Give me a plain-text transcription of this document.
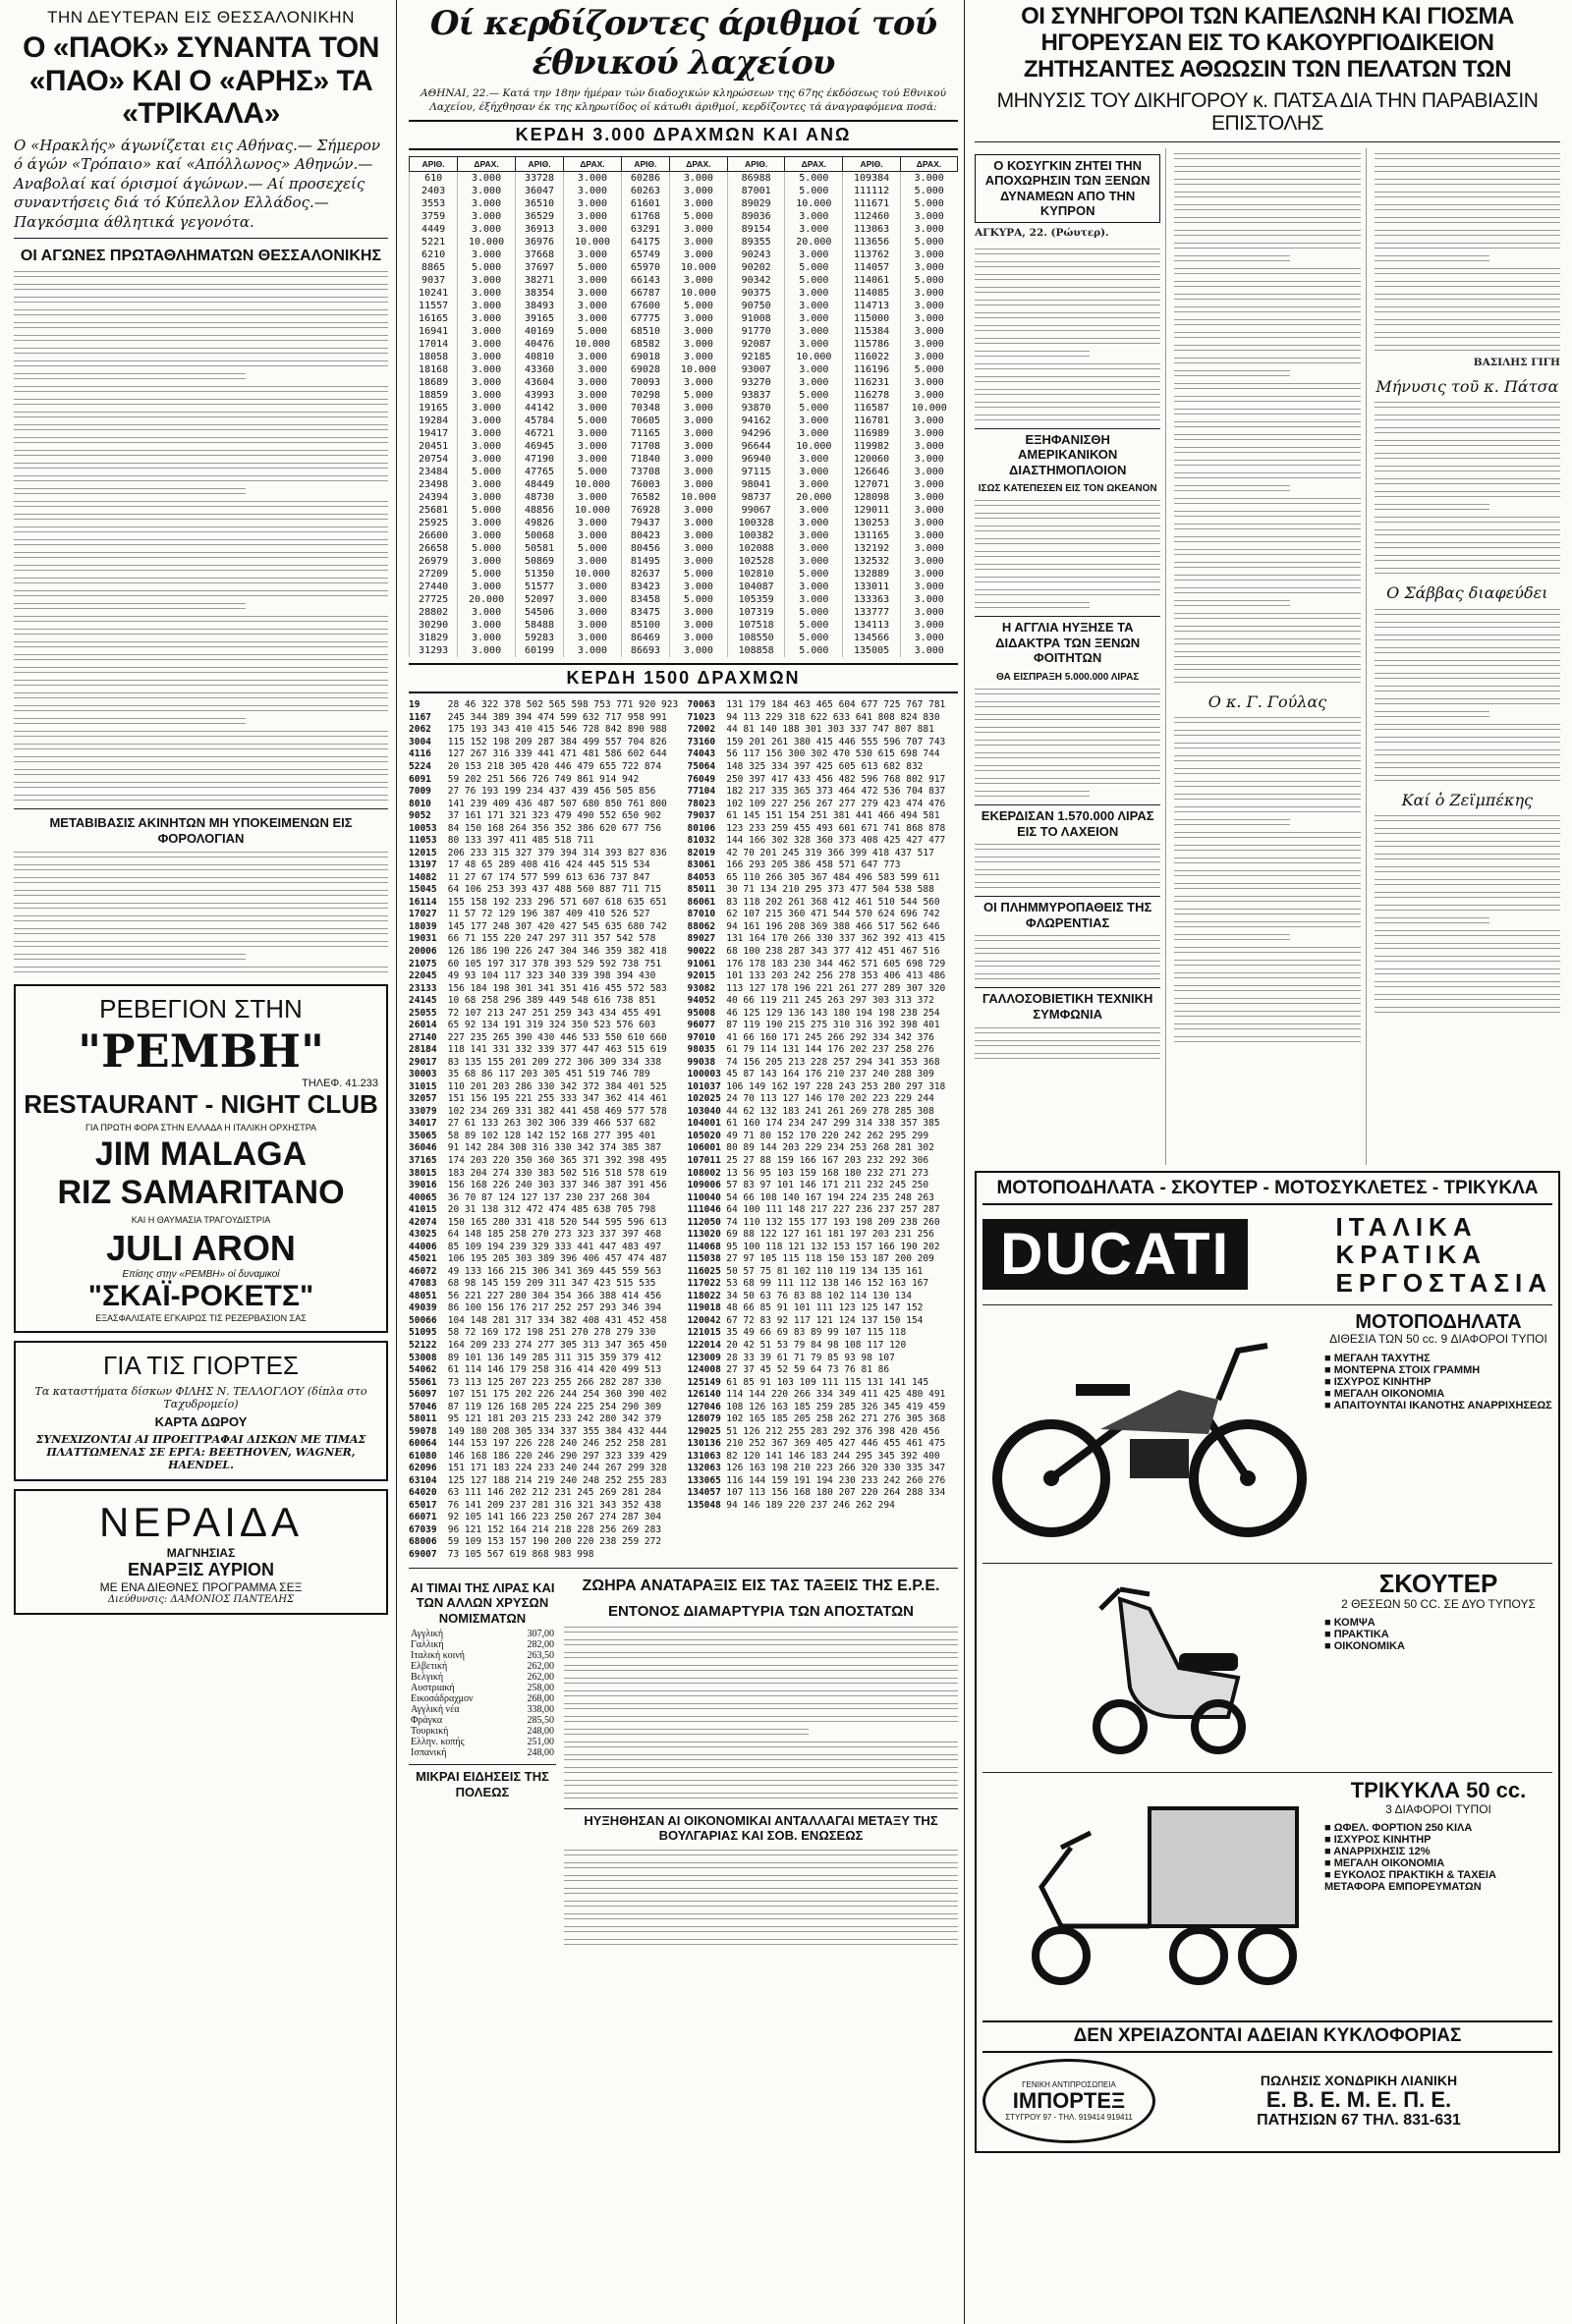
ΤΗΝ ΔΕΥΤΕΡΑΝ ΕΙΣ ΘΕΣΣΑΛΟΝΙΚΗΝ
Ο «ΠΑΟΚ» ΣΥΝΑΝΤΑ ΤΟΝ «ΠΑΟ» ΚΑΙ Ο «ΑΡΗΣ» ΤΑ «ΤΡΙΚΑΛΑ»
Ο «Ηρακλής» άγωνίζεται εις Αθήνας.— Σήμερον ό άγών «Τρόπαιο» καί «Απόλλωνος» Αθηνών.— Αναβολαί καί όρισμοί άγώνων.— Αί προσεχείς συναντήσεις διά τό Κύπελλον Ελλάδος.— Παγκόσμια άθλητικά γεγονότα.
ΟΙ ΑΓΩΝΕΣ ΠΡΩΤΑΘΛΗΜΑΤΩΝ ΘΕΣΣΑΛΟΝΙΚΗΣ
ΜΕΤΑΒΙΒΑΣΙΣ ΑΚΙΝΗΤΩΝ ΜΗ ΥΠΟΚΕΙΜΕΝΩΝ ΕΙΣ ΦΟΡΟΛΟΓΙΑΝ
ΡΕΒΕΓΙΟΝ ΣΤΗΝ
"ΡΕΜΒΗ"
ΤΗΛΕΦ. 41.233
RESTAURANT - NIGHT CLUB
ΓΙΑ ΠΡΩΤΗ ΦΟΡΑ ΣΤΗΝ ΕΛΛΑΔΑ Η ΙΤΑΛΙΚΗ ΟΡΧΗΣΤΡΑ
JIM MALAGA
RIZ SAMARITANO
ΚΑΙ Η ΘΑΥΜΑΣΙΑ ΤΡΑΓΟΥΔΙΣΤΡΙΑ
JULI ARON
Επίσης στην «ΡΕΜΒΗ» οί δυναμικοί
"ΣΚΑΪ-ΡΟΚΕΤΣ"
ΕΞΑΣΦΑΛΙΣΑΤΕ ΕΓΚΑΙΡΩΣ ΤΙΣ ΡΕΖΕΡΒΑΣΙΟΝ ΣΑΣ
ΓΙΑ ΤΙΣ ΓΙΟΡΤΕΣ
Τα καταστήματα δίσκων ΦΙΛΗΣ Ν. ΤΕΛΛΟΓΛΟΥ (δίπλα στο Ταχυδρομείο)
ΚΑΡΤΑ ΔΩΡΟΥ
ΣΥΝΕΧΙΖΟΝΤΑΙ ΑΙ ΠΡΟΕΓΓΡΑΦΑΙ ΔΙΣΚΩΝ ΜΕ ΤΙΜΑΣ ΠΛΑΤΤΩΜΕΝΑΣ ΣΕ ΕΡΓΑ: BEETHOVEN, WAGNER, HAENDEL.
ΝΕΡΑΙΔΑ
ΜΑΓΝΗΣΙΑΣ
ΕΝΑΡΞΙΣ ΑΥΡΙΟΝ
ΜΕ ΕΝΑ ΔΙΕΘΝΕΣ ΠΡΟΓΡΑΜΜΑ ΣΕΞ
Διεύθυνσις: ΔΑΜΟΝΙΟΣ ΠΑΝΤΕΛΗΣ
Οί κερδίζοντες άριθμοί τού έθνικού λαχείου
ΑΘΗΝΑΙ, 22.— Κατά την 18ην ήμέραν τών διαδοχικών κληρώσεων της 67ης έκδόσεως τού Εθνικού Λαχείου, έξήχθησαν έκ της κληρωτίδος οί κάτωθι άριθμοί, κερδίζοντες τά άναγραφόμενα ποσά:
ΚΕΡΔΗ 3.000 ΔΡΑΧΜΩΝ ΚΑΙ ΑΝΩ
ΑΡΙΘ.	ΔΡΑΧ.	ΑΡΙΘ.	ΔΡΑΧ.	ΑΡΙΘ.	ΔΡΑΧ.	ΑΡΙΘ.	ΔΡΑΧ.	ΑΡΙΘ.	ΔΡΑΧ.
610	3.000	33728	3.000	60286	3.000	86988	5.000	109384	3.000
2403	3.000	36047	3.000	60263	3.000	87001	5.000	111112	5.000
3553	3.000	36510	3.000	61601	3.000	89029	10.000	111671	5.000
3759	3.000	36529	3.000	61768	5.000	89036	3.000	112460	3.000
4449	3.000	36913	3.000	63291	3.000	89154	3.000	113063	3.000
5221	10.000	36976	10.000	64175	3.000	89355	20.000	113656	5.000
6210	3.000	37668	3.000	65749	3.000	90243	3.000	113762	3.000
8865	5.000	37697	5.000	65970	10.000	90202	5.000	114057	3.000
9037	3.000	38271	3.000	66143	3.000	90342	5.000	114061	5.000
10241	3.000	38354	3.000	66787	10.000	90375	3.000	114085	3.000
11557	3.000	38493	3.000	67600	5.000	90750	3.000	114713	3.000
16165	3.000	39165	3.000	67775	3.000	91008	3.000	115000	3.000
16941	3.000	40169	5.000	68510	3.000	91770	3.000	115384	3.000
17014	3.000	40476	10.000	68582	3.000	92087	3.000	115786	3.000
18058	3.000	40810	3.000	69018	3.000	92185	10.000	116022	3.000
18168	3.000	43360	3.000	69028	10.000	93007	3.000	116196	5.000
18689	3.000	43604	3.000	70093	3.000	93270	3.000	116231	3.000
18859	3.000	43993	3.000	70298	5.000	93837	5.000	116278	3.000
19165	3.000	44142	3.000	70348	3.000	93870	5.000	116587	10.000
19284	3.000	45784	5.000	70605	3.000	94162	3.000	116781	3.000
19417	3.000	46721	3.000	71165	3.000	94296	3.000	116989	3.000
20451	3.000	46945	3.000	71708	3.000	96644	10.000	119982	3.000
20754	3.000	47190	3.000	71840	3.000	96940	3.000	120060	3.000
23484	5.000	47765	5.000	73708	3.000	97115	3.000	126646	3.000
23498	3.000	48449	10.000	76003	3.000	98041	3.000	127071	3.000
24394	3.000	48730	3.000	76582	10.000	98737	20.000	128098	3.000
25681	5.000	48856	10.000	76928	3.000	99067	3.000	129011	3.000
25925	3.000	49826	3.000	79437	3.000	100328	3.000	130253	3.000
26600	3.000	50068	3.000	80423	3.000	100382	3.000	131165	3.000
26658	5.000	50581	5.000	80456	3.000	102088	3.000	132192	3.000
26979	3.000	50869	3.000	81495	3.000	102528	3.000	132532	3.000
27209	5.000	51350	10.000	82637	5.000	102810	5.000	132889	3.000
27440	3.000	51577	3.000	83423	3.000	104087	3.000	133011	3.000
27725	20.000	52097	3.000	83458	5.000	105359	3.000	133363	3.000
28802	3.000	54506	3.000	83475	3.000	107319	5.000	133777	3.000
30290	3.000	58488	3.000	85100	3.000	107518	5.000	134113	3.000
31829	3.000	59283	3.000	86469	3.000	108550	5.000	134566	3.000
31293	3.000	60199	3.000	86693	3.000	108858	5.000	135005	3.000
ΚΕΡΔΗ 1500 ΔΡΑΧΜΩΝ
19 28 46 322 378 502 565 598 753 771 920 923
1167 245 344 389 394 474 599 632 717 958 991
2062 175 193 343 410 415 546 728 842 890 988
3004 115 152 198 209 287 384 499 557 704 826
4116 127 267 316 339 441 471 481 586 602 644
5224 20 153 218 305 420 446 479 655 722 874
6091 59 202 251 566 726 749 861 914 942
7009 27 76 193 199 234 437 439 456 505 856
8010 141 239 409 436 487 507 680 850 761 800
9052 37 161 171 321 323 479 490 552 650 902
10053 84 150 168 264 356 352 386 620 677 756
11053 80 133 397 411 485 518 711
12015 206 233 315 327 379 394 314 393 827 836
13197 17 48 65 289 408 416 424 445 515 534
14082 11 27 67 174 577 599 613 636 737 847
15045 64 106 253 393 437 488 560 887 711 715
16114 155 158 192 233 296 571 607 618 635 651
17027 11 57 72 129 196 387 409 410 526 527
18039 145 177 248 307 420 427 545 635 680 742
19031 66 71 155 220 247 297 311 357 542 578
20006 126 186 190 226 247 304 346 359 382 418
21075 60 105 197 317 378 393 529 592 738 751
22045 49 93 104 117 323 340 339 398 394 430
23133 156 184 198 301 341 351 416 455 572 583
24145 10 68 258 296 389 449 548 616 738 851
25055 72 107 213 247 251 259 343 434 455 491
26014 65 92 134 191 319 324 350 523 576 603
27140 227 235 265 390 430 446 533 550 610 660
28184 118 141 331 332 339 377 447 463 515 619
29017 83 135 155 201 209 272 306 309 334 338
30003 35 68 86 117 203 305 451 519 746 789
31015 110 201 203 286 330 342 372 384 401 525
32057 151 156 195 221 255 333 347 362 414 461
33079 102 234 269 331 382 441 458 469 577 578
34017 27 61 133 263 302 306 339 466 537 682
35065 58 89 102 128 142 152 168 277 395 401
36046 91 142 284 308 316 330 342 374 385 387
37165 174 203 220 350 360 365 371 392 398 495
38015 183 204 274 330 383 502 516 518 578 619
39016 156 168 226 240 303 337 346 387 391 456
40065 36 70 87 124 127 137 230 237 268 304
41015 20 31 138 312 472 474 485 638 705 798
42074 150 165 280 331 418 520 544 595 596 613
43025 64 148 185 258 270 273 323 337 397 468
44006 85 109 194 239 329 333 441 447 483 497
45021 106 195 205 303 389 396 406 457 474 487
46072 49 133 166 215 306 341 369 445 559 563
47083 68 98 145 159 209 311 347 423 515 535
48051 56 221 227 280 304 354 366 388 414 456
49039 86 100 156 176 217 252 257 293 346 394
50066 104 148 281 317 334 382 408 431 452 458
51095 58 72 169 172 198 251 270 278 279 330
52122 164 209 233 274 277 305 313 347 365 450
53008 89 101 136 149 285 311 315 359 379 412
54062 61 114 146 179 258 316 414 420 499 513
55061 73 113 125 207 223 255 266 282 287 330
56097 107 151 175 202 226 244 254 360 390 402
57046 87 119 126 168 205 224 225 254 290 309
58011 95 121 181 203 215 233 242 280 342 379
59078 149 180 208 305 334 337 355 384 432 444
60064 144 153 197 226 228 240 246 252 258 281
61080 146 168 186 220 246 290 297 323 339 429
62096 151 171 183 224 233 240 244 267 299 328
63104 125 127 188 214 219 240 248 252 255 283
64020 63 111 146 202 212 231 245 269 281 284
65017 76 141 209 237 281 316 321 343 352 438
66071 92 105 141 166 223 250 267 274 287 304
67039 96 121 152 164 214 218 228 256 269 283
68006 59 109 153 157 190 200 220 238 259 272
69007 73 105 567 619 868 983 998
70063 131 179 184 463 465 604 677 725 767 781
71023 94 113 229 318 622 633 641 808 824 830
72002 44 81 140 188 301 303 337 747 807 881
73160 159 201 261 380 415 446 555 596 707 743
74043 56 117 156 300 302 470 530 615 698 744
75064 148 325 334 397 425 605 613 682 832
76049 250 397 417 433 456 482 596 768 802 917
77104 182 217 335 365 373 464 472 536 704 837
78023 102 109 227 256 267 277 279 423 474 476
79037 61 145 151 154 251 381 441 466 494 581
80106 123 233 259 455 493 601 671 741 868 878
81032 144 166 302 328 360 373 408 425 427 477
82019 42 70 201 245 319 366 399 418 437 517
83061 166 293 205 386 458 571 647 773
84053 65 110 266 305 367 484 496 583 599 611
85011 30 71 134 210 295 373 477 504 538 588
86061 83 118 202 261 368 412 461 510 544 560
87010 62 107 215 360 471 544 570 624 696 742
88062 94 161 196 208 369 388 466 517 562 646
89027 131 164 170 266 330 337 362 392 413 415
90022 68 100 238 287 343 377 412 451 467 516
91061 176 178 183 230 344 462 571 605 698 729
92015 101 133 203 242 256 278 353 406 413 486
93082 113 127 178 196 221 261 277 289 307 320
94052 40 66 119 211 245 263 297 303 313 372
95008 46 125 129 136 143 180 194 198 238 254
96077 87 119 190 215 275 310 316 392 398 401
97010 41 66 160 171 245 266 292 334 342 376
98035 61 79 114 131 144 176 202 237 258 276
99038 74 156 205 213 228 257 294 341 353 368
100003 45 87 143 164 176 210 237 240 288 309
101037 106 149 162 197 228 243 253 280 297 318
102025 24 70 113 127 146 170 202 223 229 244
103040 44 62 132 183 241 261 269 278 285 308
104001 61 160 174 234 247 299 314 338 357 385
105020 49 71 80 152 170 220 242 262 295 299
106001 80 89 144 203 229 234 253 268 281 302
107011 25 27 88 159 166 167 203 232 292 306
108002 13 56 95 103 159 168 180 232 271 273
109006 57 83 97 101 146 171 211 232 245 250
110040 54 66 108 140 167 194 224 235 248 263
111046 64 100 111 148 217 227 236 237 257 287
112050 74 110 132 155 177 193 198 209 238 260
113020 69 88 122 127 161 181 197 203 231 256
114068 95 100 118 121 132 153 157 166 190 202
115038 27 97 105 115 118 150 153 187 200 209
116025 50 57 75 81 102 110 119 134 135 161
117022 53 68 99 111 112 138 146 152 163 167
118022 34 50 63 76 83 88 102 114 130 134
119018 48 66 85 91 101 111 123 125 147 152
120042 67 72 83 92 117 121 124 137 150 154
121015 35 49 66 69 83 89 99 107 115 118
122014 20 42 51 53 79 84 98 108 117 120
123009 28 33 39 61 71 79 85 93 98 107
124008 27 37 45 52 59 64 73 76 81 86
125149 61 85 91 103 109 111 115 131 141 145
126140 114 144 220 266 334 349 411 425 480 491
127046 108 126 163 185 259 285 326 345 419 459
128079 102 165 185 205 258 262 271 276 305 368
129025 51 126 212 255 283 292 376 398 420 456
130136 210 252 367 369 405 427 446 455 461 475
131063 82 120 141 146 183 244 295 345 392 400
132063 126 163 198 210 223 266 320 330 335 347
133065 116 144 159 191 194 230 233 242 260 276
134057 107 113 156 168 180 207 220 264 288 334
135048 94 146 189 220 237 246 262 294
ΑΙ ΤΙΜΑΙ ΤΗΣ ΛΙΡΑΣ ΚΑΙ ΤΩΝ ΑΛΛΩΝ ΧΡΥΣΩΝ ΝΟΜΙΣΜΑΤΩΝ
Αγγλική	307,00
Γαλλική	282,00
Ιταλική κοινή	263,50
Ελβετική	262,00
Βελγική	262,00
Αυστριακή	258,00
Εικοσάδραχμον	268,00
Αγγλική νέα	338,00
Φράγκα	285,50
Τουρκική	248,00
Ελλην. κοπής	251,00
Ισπανική	248,00
ΜΙΚΡΑΙ ΕΙΔΗΣΕΙΣ ΤΗΣ ΠΟΛΕΩΣ
ΖΩΗΡΑ ΑΝΑΤΑΡΑΞΙΣ ΕΙΣ ΤΑΣ ΤΑΞΕΙΣ ΤΗΣ Ε.Ρ.Ε.
ΕΝΤΟΝΟΣ ΔΙΑΜΑΡΤΥΡΙΑ ΤΩΝ ΑΠΟΣΤΑΤΩΝ
ΗΥΞΗΘΗΣΑΝ ΑΙ ΟΙΚΟΝΟΜΙΚΑΙ ΑΝΤΑΛΛΑΓΑΙ ΜΕΤΑΞΥ ΤΗΣ ΒΟΥΛΓΑΡΙΑΣ ΚΑΙ ΣΟΒ. ΕΝΩΣΕΩΣ
ΟΙ ΣΥΝΗΓΟΡΟΙ ΤΩΝ ΚΑΠΕΛΩΝΗ ΚΑΙ ΓΙΟΣΜΑ ΗΓΟΡΕΥΣΑΝ ΕΙΣ ΤΟ ΚΑΚΟΥΡΓΙΟΔΙΚΕΙΟΝ ΖΗΤΗΣΑΝΤΕΣ ΑΘΩΩΣΙΝ ΤΩΝ ΠΕΛΑΤΩΝ ΤΩΝ
ΜΗΝΥΣΙΣ ΤΟΥ ΔΙΚΗΓΟΡΟΥ κ. ΠΑΤΣΑ ΔΙΑ ΤΗΝ ΠΑΡΑΒΙΑΣΙΝ ΕΠΙΣΤΟΛΗΣ
Ο ΚΟΣΥΓΚΙΝ ΖΗΤΕΙ ΤΗΝ ΑΠΟΧΩΡΗΣΙΝ ΤΩΝ ΞΕΝΩΝ ΔΥΝΑΜΕΩΝ ΑΠΟ ΤΗΝ ΚΥΠΡΟΝ
ΑΓΚΥΡΑ, 22. (Ρώυτερ).
ΕΞΗΦΑΝΙΣΘΗ ΑΜΕΡΙΚΑΝΙΚΟΝ ΔΙΑΣΤΗΜΟΠΛΟΙΟΝ
ΙΣΩΣ ΚΑΤΕΠΕΣΕΝ ΕΙΣ ΤΟΝ ΩΚΕΑΝΟΝ
Η ΑΓΓΛΙΑ ΗΥΞΗΣΕ ΤΑ ΔΙΔΑΚΤΡΑ ΤΩΝ ΞΕΝΩΝ ΦΟΙΤΗΤΩΝ
ΘΑ ΕΙΣΠΡΑΞΗ 5.000.000 ΛΙΡΑΣ
ΕΚΕΡΔΙΣΑΝ 1.570.000 ΛΙΡΑΣ ΕΙΣ ΤΟ ΛΑΧΕΙΟΝ
ΟΙ ΠΛΗΜΜΥΡΟΠΑΘΕΙΣ ΤΗΣ ΦΛΩΡΕΝΤΙΑΣ
ΓΑΛΛΟΣΟΒΙΕΤΙΚΗ ΤΕΧΝΙΚΗ ΣΥΜΦΩΝΙΑ
Ο κ. Γ. Γούλας
ΒΑΣΙΛΗΣ ΓΙΓΗ
Μήνυσις τοῦ κ. Πάτσα
Ο Σάββας διαφεύδει
Καί ὁ Ζεϊμπέκης
ΜΟΤΟΠΟΔΗΛΑΤΑ - ΣΚΟΥΤΕΡ - ΜΟΤΟΣΥΚΛΕΤΕΣ - ΤΡΙΚΥΚΛΑ
DUCATI	ΙΤΑΛΙΚΑ
ΚΡΑΤΙΚΑ
ΕΡΓΟΣΤΑΣΙΑ
ΜΟΤΟΠΟΔΗΛΑΤΑ
ΔΙΘΕΣΙΑ ΤΩΝ 50 cc. 9 ΔΙΑΦΟΡΟΙ ΤΥΠΟΙ
■ ΜΕΓΑΛΗ ΤΑΧΥΤΗΣ
■ ΜΟΝΤΕΡΝΑ ΣΤΟΙΧ ΓΡΑΜΜΗ
■ ΙΣΧΥΡΟΣ ΚΙΝΗΤΗΡ
■ ΜΕΓΑΛΗ ΟΙΚΟΝΟΜΙΑ
■ ΑΠΑΙΤΟΥΝΤΑΙ ΙΚΑΝΟΤΗΣ ΑΝΑΡΡΙΧΗΣΕΩΣ
ΣΚΟΥΤΕΡ
2 ΘΕΣΕΩΝ 50 CC. ΣΕ ΔΥΟ ΤΥΠΟΥΣ
■ ΚΟΜΨΑ
■ ΠΡΑΚΤΙΚΑ
■ ΟΙΚΟΝΟΜΙΚΑ
ΤΡΙΚΥΚΛΑ 50 cc.
3 ΔΙΑΦΟΡΟΙ ΤΥΠΟΙ
■ ΩΦΕΛ. ΦΟΡΤΙΟΝ 250 ΚΙΛΑ
■ ΙΣΧΥΡΟΣ ΚΙΝΗΤΗΡ
■ ΑΝΑΡΡΙΧΗΣΙΣ 12%
■ ΜΕΓΑΛΗ ΟΙΚΟΝΟΜΙΑ
■ ΕΥΚΟΛΟΣ ΠΡΑΚΤΙΚΗ & ΤΑΧΕΙΑ ΜΕΤΑΦΟΡΑ ΕΜΠΟΡΕΥΜΑΤΩΝ
ΔΕΝ ΧΡΕΙΑΖΟΝΤΑΙ ΑΔΕΙΑΝ ΚΥΚΛΟΦΟΡΙΑΣ
ΓΕΝΙΚΗ ΑΝΤΙΠΡΟΣΩΠΕΙΑ
ΙΜΠΟΡΤΕΞ
ΣΤΥΓΡΟΥ 97 - ΤΗΛ. 919414 919411
ΠΩΛΗΣΙΣ ΧΟΝΔΡΙΚΗ ΛΙΑΝΙΚΗ
Ε. Β. Ε. Μ. Ε. Π. Ε.
ΠΑΤΗΣΙΩΝ 67 ΤΗΛ. 831-631
